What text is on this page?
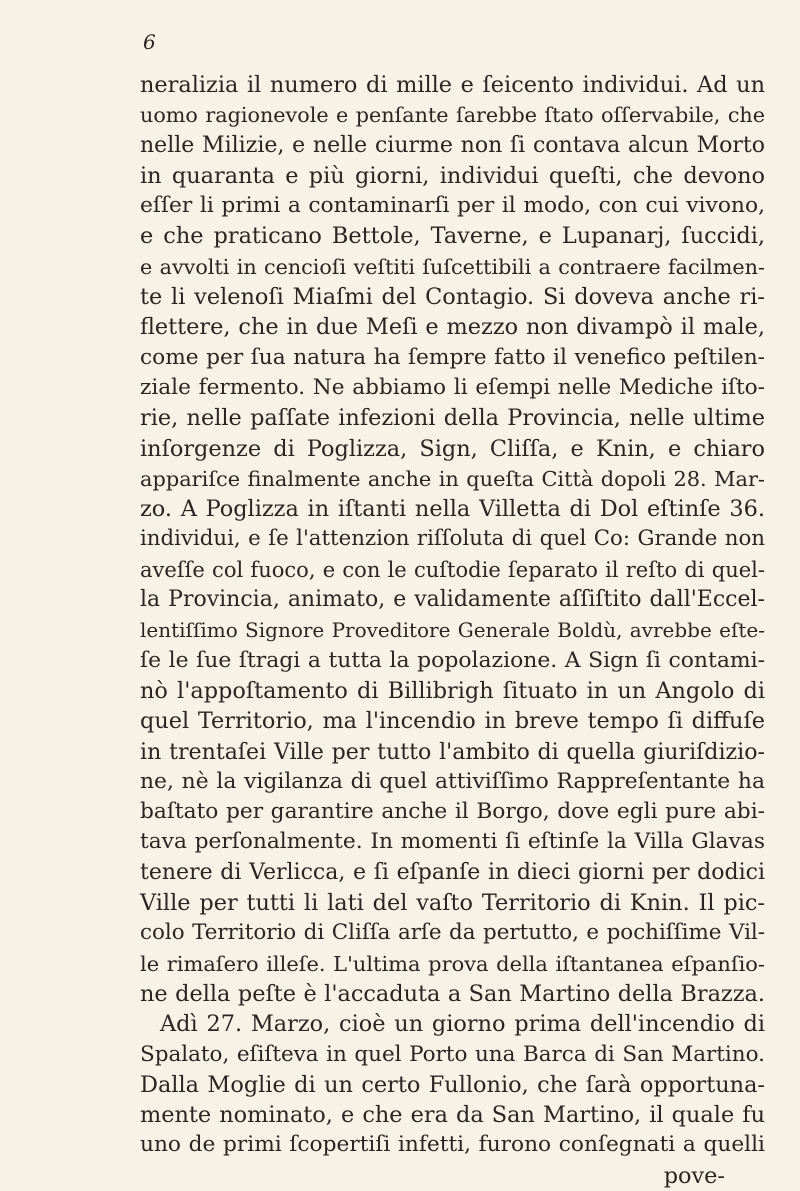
6
neralizia il numero di mille e ſeicento individui. Ad un
uomo ragionevole e penſante ſarebbe ſtato oſſervabile, che
nelle Milizie, e nelle ciurme non ſi contava alcun Morto
in quaranta e più giorni, individui queſti, che devono
eſſer li primi a contaminarſi per il modo, con cui vivono,
e che praticano Bettole, Taverne, e Lupanarj, ſuccidi,
e avvolti in cencioſi veſtiti ſuſcettibili a contraere facilmen-
te li velenoſi Miaſmi del Contagio. Si doveva anche ri-
flettere, che in due Meſi e mezzo non divampò il male,
come per ſua natura ha ſempre fatto il venefico peſtilen-
ziale fermento. Ne abbiamo li eſempi nelle Mediche iſto-
rie, nelle paſſate infezioni della Provincia, nelle ultime
inſorgenze di Poglizza, Sign, Cliſſa, e Knin, e chiaro
appariſce finalmente anche in queſta Città dopoli 28. Mar-
zo. A Poglizza in iſtanti nella Villetta di Dol eſtinſe 36.
individui, e ſe l'attenzion riſſoluta di quel Co: Grande non
aveſſe col fuoco, e con le cuſtodie ſeparato il reſto di quel-
la Provincia, animato, e validamente aſſiſtito dall'Eccel-
lentiſſimo Signore Proveditore Generale Boldù, avrebbe eſte-
ſe le ſue ſtragi a tutta la popolazione. A Sign ſi contami-
nò l'appoſtamento di Billibrigh ſituato in un Angolo di
quel Territorio, ma l'incendio in breve tempo ſi diffuſe
in trentaſei Ville per tutto l'ambito di quella giuriſdizio-
ne, nè la vigilanza di quel attiviſſimo Rappreſentante ha
baſtato per garantire anche il Borgo, dove egli pure abi-
tava perſonalmente. In momenti ſi eſtinſe la Villa Glavas
tenere di Verlicca, e ſi eſpanſe in dieci giorni per dodici
Ville per tutti li lati del vaſto Territorio di Knin. Il pic-
colo Territorio di Cliſſa arſe da pertutto, e pochiſſime Vil-
le rimaſero illeſe. L'ultima prova della iſtantanea eſpanſio-
ne della peſte è l'accaduta a San Martino della Brazza.
Adì 27. Marzo, cioè un giorno prima dell'incendio di
Spalato, eſiſteva in quel Porto una Barca di San Martino.
Dalla Moglie di un certo Fullonio, che ſarà opportuna-
mente nominato, e che era da San Martino, il quale fu
uno de primi ſcopertiſi infetti, furono conſegnati a quelli
pove-
